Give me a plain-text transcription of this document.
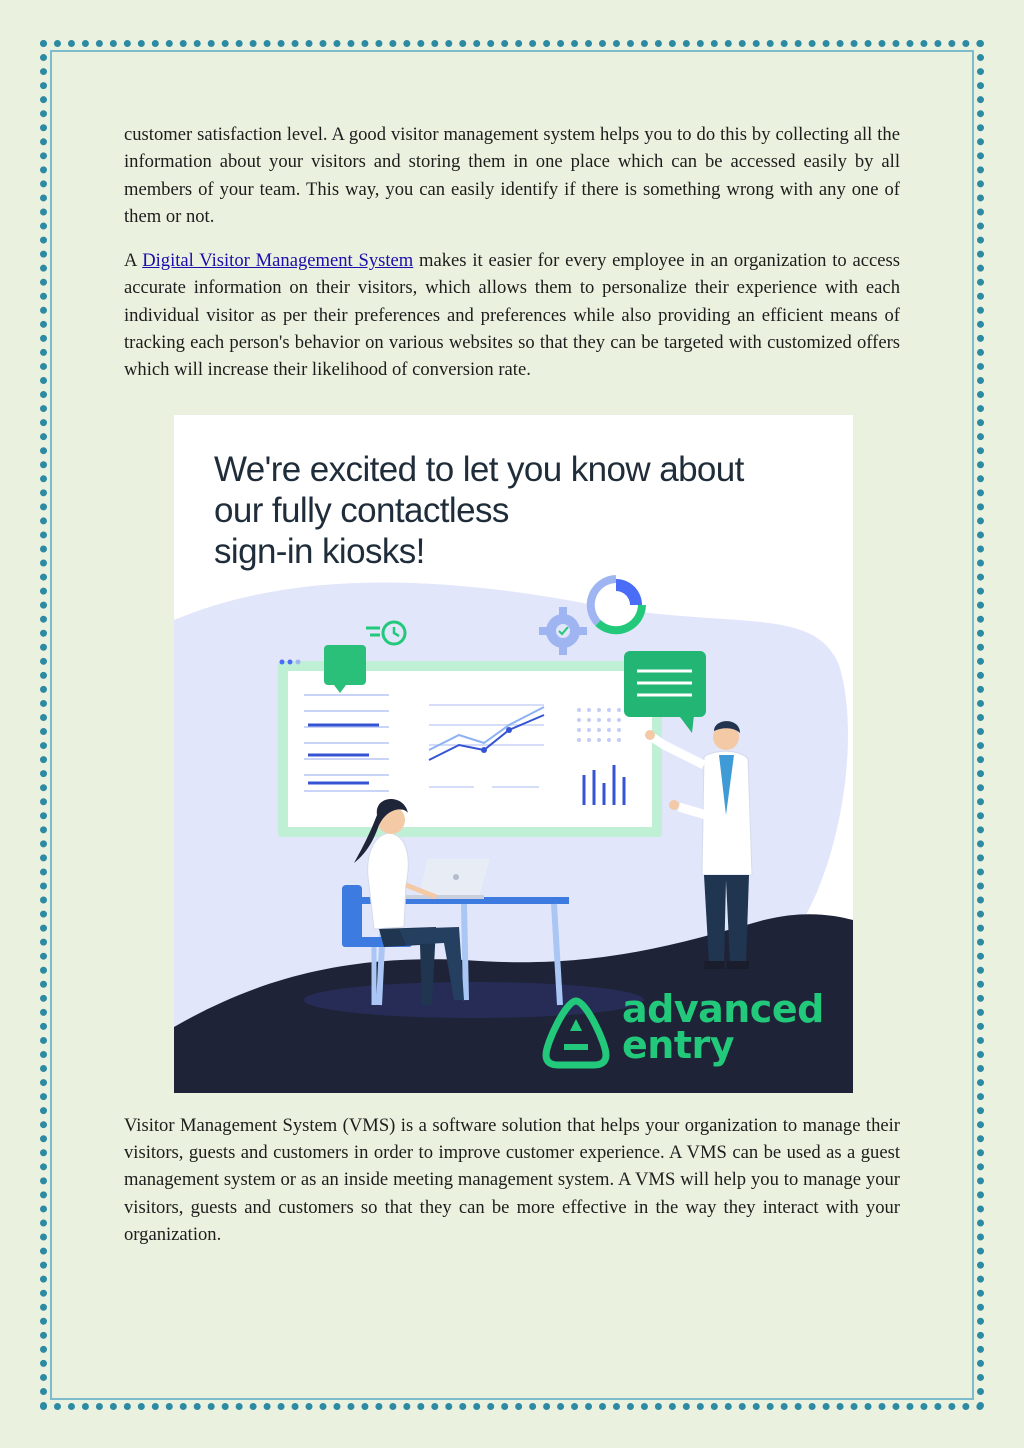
customer satisfaction level. A good visitor management system helps you to do this by collecting all the information about your visitors and storing them in one place which can be accessed easily by all members of your team. This way, you can easily identify if there is something wrong with any one of them or not.

A Digital Visitor Management System makes it easier for every employee in an organization to access accurate information on their visitors, which allows them to personalize their experience with each individual visitor as per their preferences and preferences while also providing an efficient means of tracking each person's behavior on various websites so that they can be targeted with customized offers which will increase their likelihood of conversion rate.

We're excited to let you know about
our fully contactless
sign-in kiosks!
advanced
entry

Visitor Management System (VMS) is a software solution that helps your organization to manage their visitors, guests and customers in order to improve customer experience. A VMS can be used as a guest management system or as an inside meeting management system. A VMS will help you to manage your visitors, guests and customers so that they can be more effective in the way they interact with your organization.
